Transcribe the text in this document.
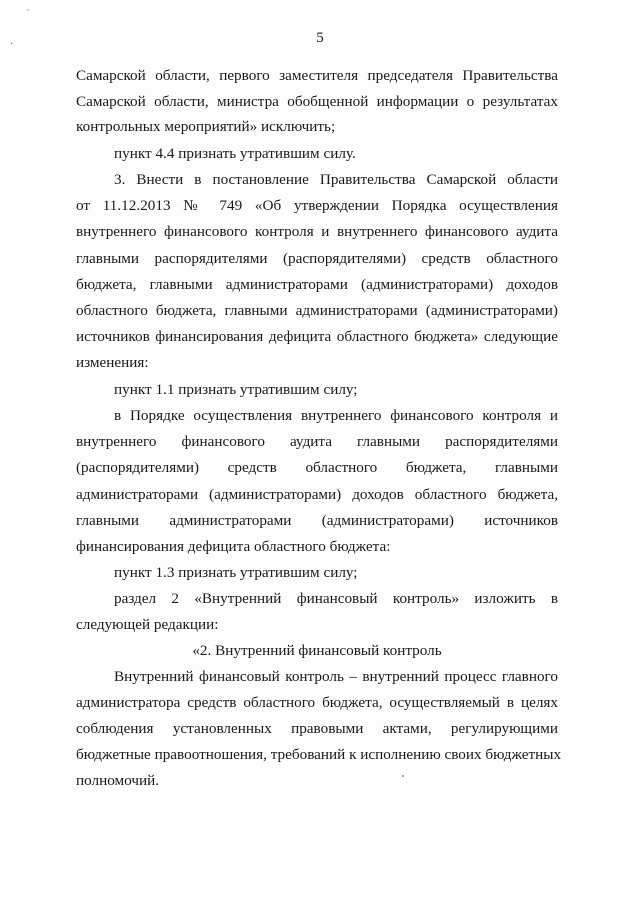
ˋ
·	5
Самарской области, первого заместителя председателя Правительства
Самарской области, министра обобщенной информации о результатах
контрольных мероприятий» исключить;
пункт 4.4 признать утратившим силу.
3. Внести в постановление Правительства Самарской области
от 11.12.2013 № 749 «Об утверждении Порядка осуществления
внутреннего финансового контроля и внутреннего финансового аудита
главными распорядителями (распорядителями) средств областного
бюджета, главными администраторами (администраторами) доходов
областного бюджета, главными администраторами (администраторами)
источников финансирования дефицита областного бюджета» следующие
изменения:
пункт 1.1 признать утратившим силу;
в Порядке осуществления внутреннего финансового контроля и
внутреннего финансового аудита главными распорядителями
(распорядителями) средств областного бюджета, главными
администраторами (администраторами) доходов областного бюджета,
главными администраторами (администраторами) источников
финансирования дефицита областного бюджета:
пункт 1.3 признать утратившим силу;
раздел 2 «Внутренний финансовый контроль» изложить в
следующей редакции:
«2. Внутренний финансовый контроль
Внутренний финансовый контроль – внутренний процесс главного
администратора средств областного бюджета, осуществляемый в целях
соблюдения установленных правовыми актами, регулирующими
бюджетные правоотношения, требований к исполнению своих бюджетных
полномочий.
